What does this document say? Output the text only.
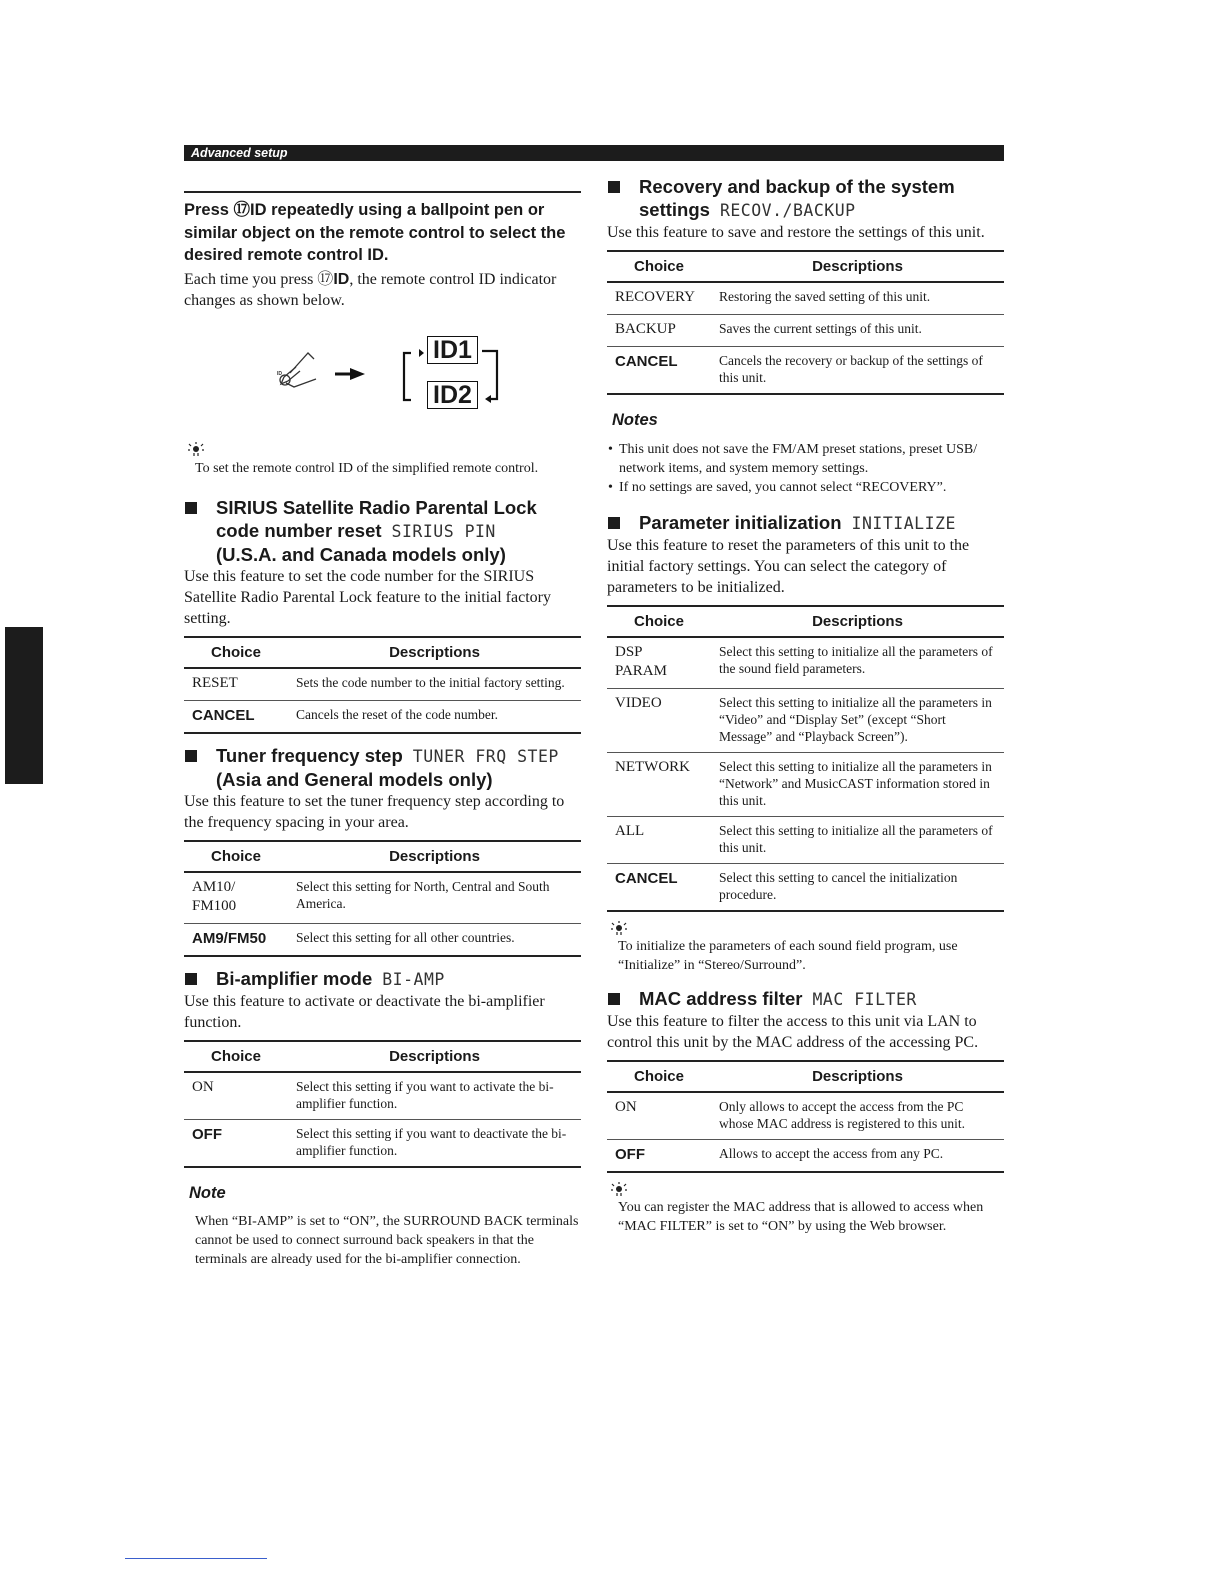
Advanced setup

Press ⑰ID repeatedly using a ballpoint pen or similar object on the remote control to select the desired remote control ID.

Each time you press ⑰ID, the remote control ID indicator changes as shown below.

ID
ID1
ID2

To set the remote control ID of the simplified remote control.

SIRIUS Satellite Radio Parental Lock
code number reset SIRIUS PIN
(U.S.A. and Canada models only)

Use this feature to set the code number for the SIRIUS Satellite Radio Parental Lock feature to the initial factory setting.

Choice	Descriptions
RESET	Sets the code number to the initial factory setting.
CANCEL	Cancels the reset of the code number.
Tuner frequency step TUNER FRQ STEP
(Asia and General models only)

Use this feature to set the tuner frequency step according to the frequency spacing in your area.

Choice	Descriptions
AM10/
FM100	Select this setting for North, Central and South America.
AM9/FM50	Select this setting for all other countries.
Bi-amplifier mode BI-AMP

Use this feature to activate or deactivate the bi-amplifier function.

Choice	Descriptions
ON	Select this setting if you want to activate the bi-amplifier function.
OFF	Select this setting if you want to deactivate the bi-amplifier function.

Note

When “BI-AMP” is set to “ON”, the SURROUND BACK terminals cannot be used to connect surround back speakers in that the terminals are already used for the bi-amplifier connection.

Recovery and backup of the system
settings RECOV./BACKUP

Use this feature to save and restore the settings of this unit.

Choice	Descriptions
RECOVERY	Restoring the saved setting of this unit.
BACKUP	Saves the current settings of this unit.
CANCEL	Cancels the recovery or backup of the settings of this unit.

Notes

• This unit does not save the FM/AM preset stations, preset USB/ network items, and system memory settings.
• If no settings are saved, you cannot select “RECOVERY”.
Parameter initialization INITIALIZE

Use this feature to reset the parameters of this unit to the initial factory settings. You can select the category of parameters to be initialized.

Choice	Descriptions
DSP
PARAM	Select this setting to initialize all the parameters of the sound field parameters.
VIDEO	Select this setting to initialize all the parameters in “Video” and “Display Set” (except “Short Message” and “Playback Screen”).
NETWORK	Select this setting to initialize all the parameters in “Network” and MusicCAST information stored in this unit.
ALL	Select this setting to initialize all the parameters of this unit.
CANCEL	Select this setting to cancel the initialization procedure.

To initialize the parameters of each sound field program, use “Initialize” in “Stereo/Surround”.

MAC address filter MAC FILTER

Use this feature to filter the access to this unit via LAN to control this unit by the MAC address of the accessing PC.

Choice	Descriptions
ON	Only allows to accept the access from the PC whose MAC address is registered to this unit.
OFF	Allows to accept the access from any PC.

You can register the MAC address that is allowed to access when “MAC FILTER” is set to “ON” by using the Web browser.
